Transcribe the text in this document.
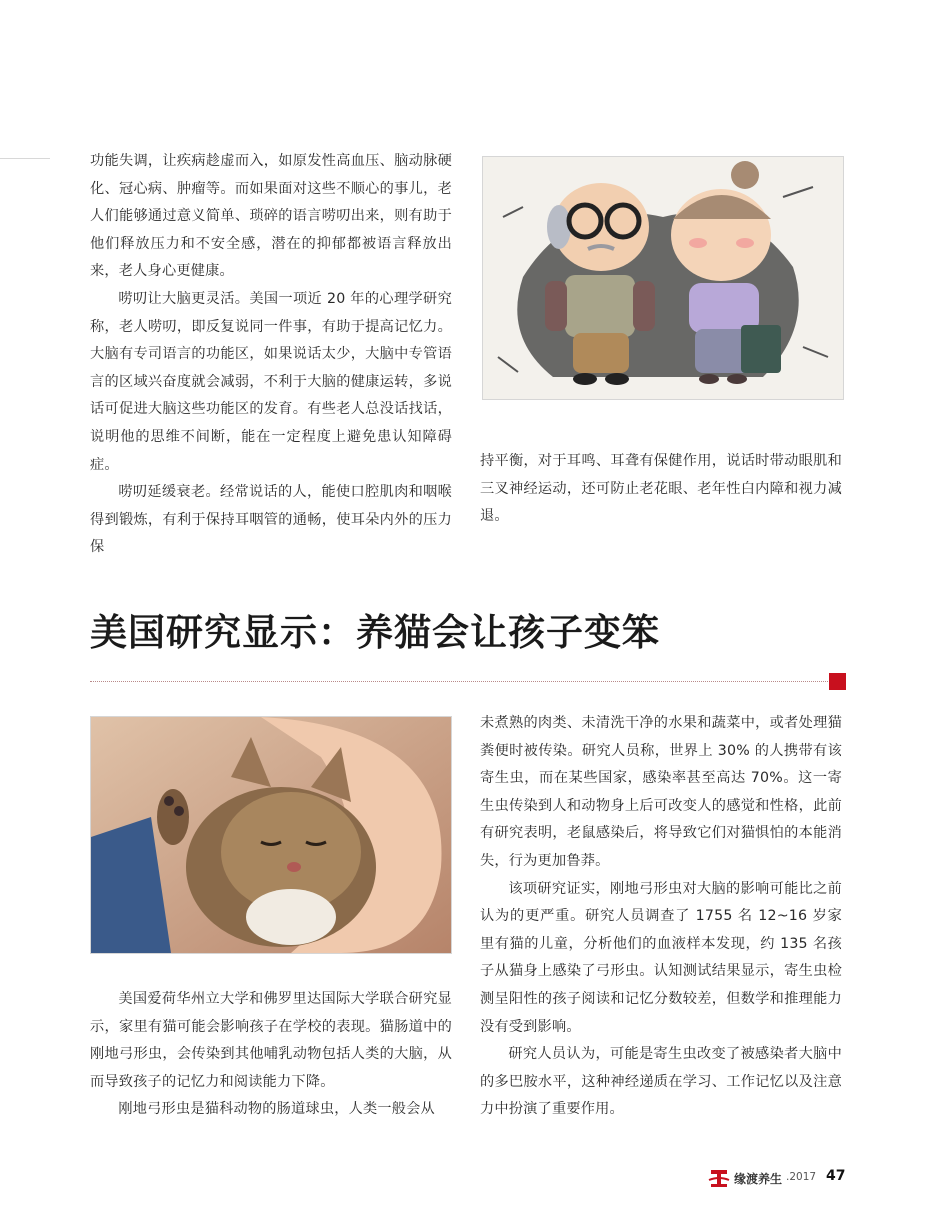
功能失调，让疾病趁虚而入，如原发性高血压、脑动脉硬化、冠心病、肿瘤等。而如果面对这些不顺心的事儿，老人们能够通过意义简单、琐碎的语言唠叨出来，则有助于他们释放压力和不安全感，潜在的抑郁都被语言释放出来，老人身心更健康。

唠叨让大脑更灵活。美国一项近 20 年的心理学研究称，老人唠叨，即反复说同一件事，有助于提高记忆力。大脑有专司语言的功能区，如果说话太少，大脑中专管语言的区域兴奋度就会减弱，不利于大脑的健康运转，多说话可促进大脑这些功能区的发育。有些老人总没话找话，说明他的思维不间断，能在一定程度上避免患认知障碍症。

唠叨延缓衰老。经常说话的人，能使口腔肌肉和咽喉得到锻炼，有利于保持耳咽管的通畅，使耳朵内外的压力保

持平衡，对于耳鸣、耳聋有保健作用，说话时带动眼肌和三叉神经运动，还可防止老花眼、老年性白内障和视力减退。

美国研究显示：养猫会让孩子变笨

美国爱荷华州立大学和佛罗里达国际大学联合研究显示，家里有猫可能会影响孩子在学校的表现。猫肠道中的刚地弓形虫，会传染到其他哺乳动物包括人类的大脑，从而导致孩子的记忆力和阅读能力下降。

刚地弓形虫是猫科动物的肠道球虫，人类一般会从

未煮熟的肉类、未清洗干净的水果和蔬菜中，或者处理猫粪便时被传染。研究人员称，世界上 30% 的人携带有该寄生虫，而在某些国家，感染率甚至高达 70%。这一寄生虫传染到人和动物身上后可改变人的感觉和性格，此前有研究表明，老鼠感染后，将导致它们对猫惧怕的本能消失，行为更加鲁莽。

该项研究证实，刚地弓形虫对大脑的影响可能比之前认为的更严重。研究人员调查了 1755 名 12~16 岁家里有猫的儿童，分析他们的血液样本发现，约 135 名孩子从猫身上感染了弓形虫。认知测试结果显示，寄生虫检测呈阳性的孩子阅读和记忆分数较差，但数学和推理能力没有受到影响。

研究人员认为，可能是寄生虫改变了被感染者大脑中的多巴胺水平，这种神经递质在学习、工作记忆以及注意力中扮演了重要作用。

缘渡养生 .2017 47
